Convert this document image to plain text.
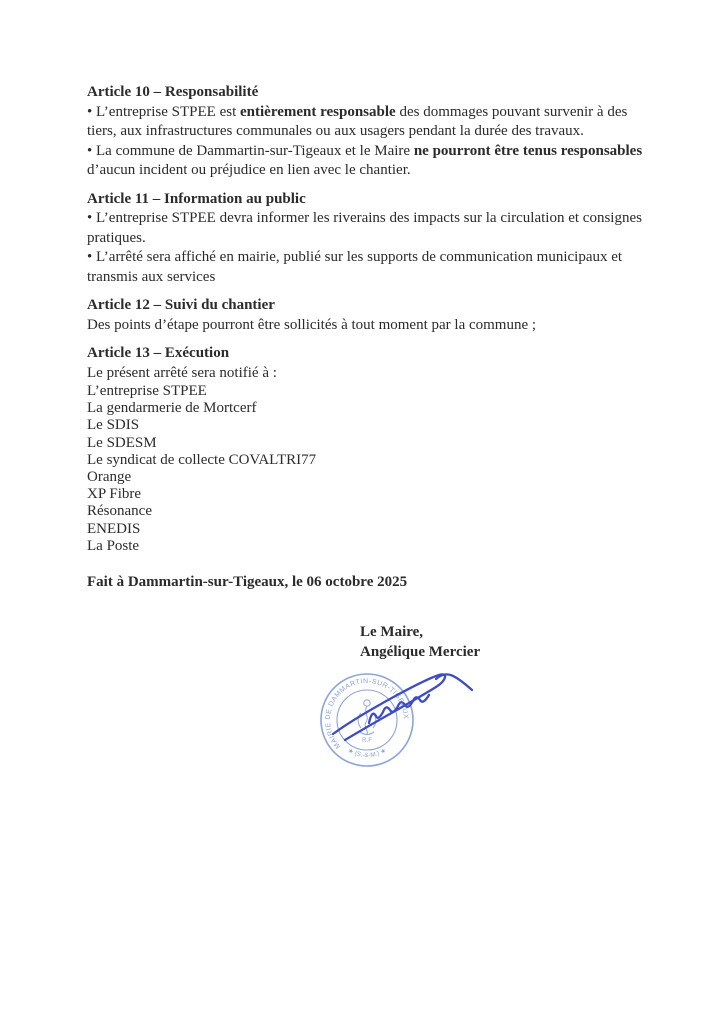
Article 10 – Responsabilité

• L’entreprise STPEE est entièrement responsable des dommages pouvant survenir à des

tiers, aux infrastructures communales ou aux usagers pendant la durée des travaux.

• La commune de Dammartin-sur-Tigeaux et le Maire ne pourront être tenus responsables

d’aucun incident ou préjudice en lien avec le chantier.

Article 11 – Information au public

• L’entreprise STPEE devra informer les riverains des impacts sur la circulation et consignes

pratiques.

• L’arrêté sera affiché en mairie, publié sur les supports de communication municipaux et

transmis aux services

Article 12 – Suivi du chantier

Des points d’étape pourront être sollicités à tout moment par la commune ;

Article 13 – Exécution

Le présent arrêté sera notifié à :

L’entreprise STPEE

La gendarmerie de Mortcerf

Le SDIS

Le SDESM

Le syndicat de collecte COVALTRI77

Orange

XP Fibre

Résonance

ENEDIS

La Poste

Fait à Dammartin-sur-Tigeaux, le 06 octobre 2025

Le Maire,

Angélique Mercier

MAIRIE DE DAMMARTIN-SUR-TIGEAUX
★ (S.-&-M.) ★
R.F
